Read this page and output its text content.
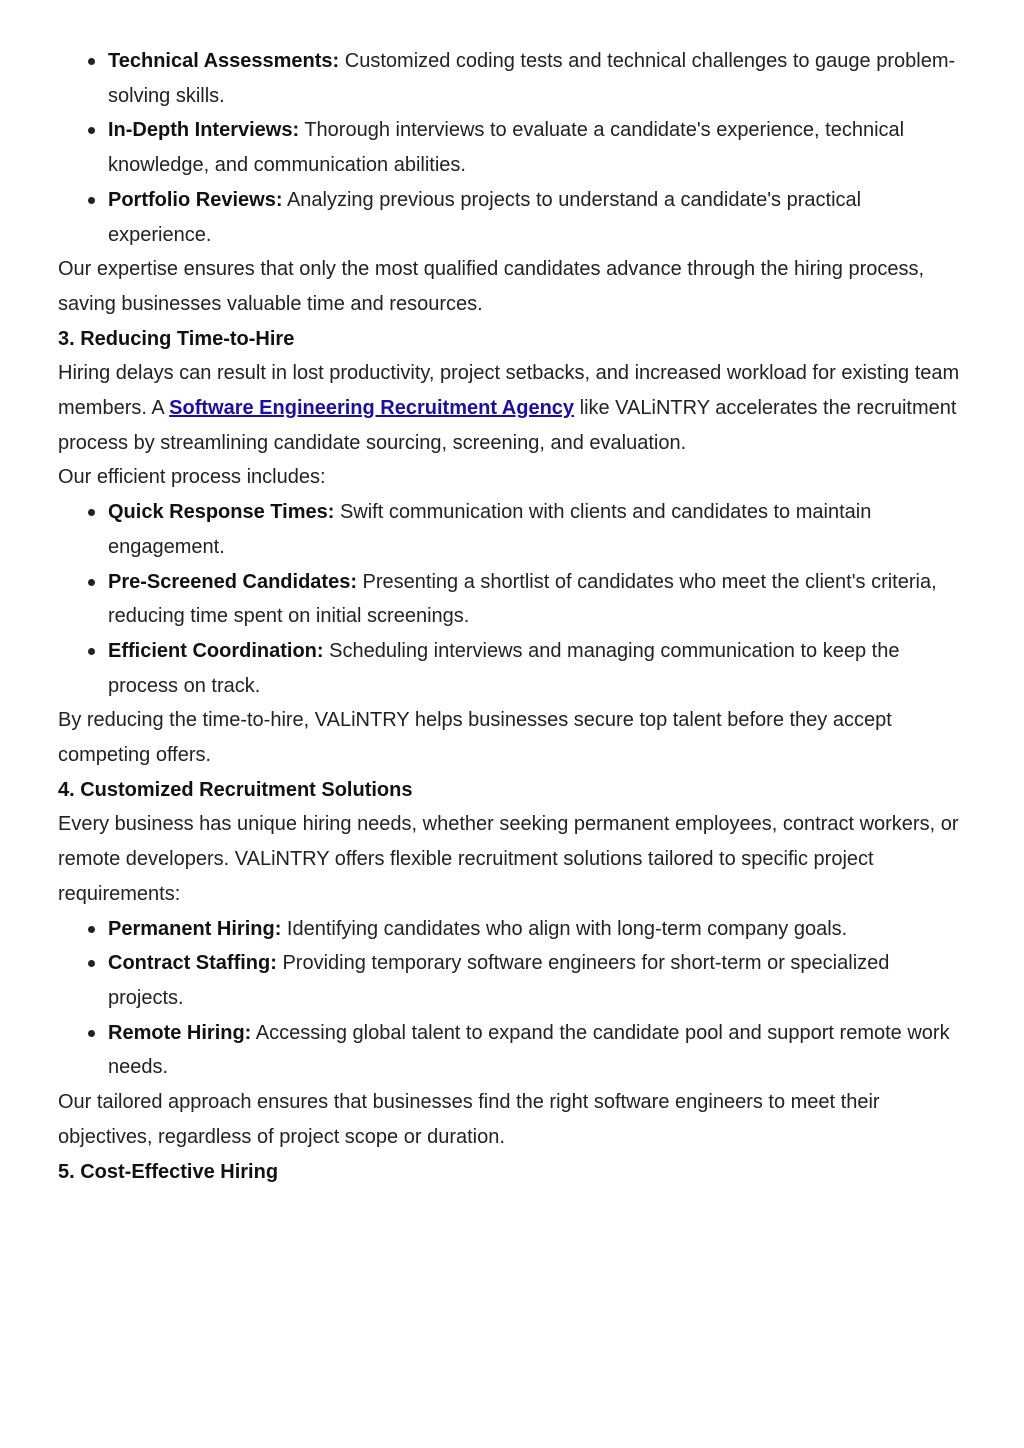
Technical Assessments: Customized coding tests and technical challenges to gauge problem-solving skills.
In-Depth Interviews: Thorough interviews to evaluate a candidate's experience, technical knowledge, and communication abilities.
Portfolio Reviews: Analyzing previous projects to understand a candidate's practical experience.

Our expertise ensures that only the most qualified candidates advance through the hiring process, saving businesses valuable time and resources.

3. Reducing Time-to-Hire

Hiring delays can result in lost productivity, project setbacks, and increased workload for existing team members. A Software Engineering Recruitment Agency like VALiNTRY accelerates the recruitment process by streamlining candidate sourcing, screening, and evaluation.

Our efficient process includes:

Quick Response Times: Swift communication with clients and candidates to maintain engagement.
Pre-Screened Candidates: Presenting a shortlist of candidates who meet the client's criteria, reducing time spent on initial screenings.
Efficient Coordination: Scheduling interviews and managing communication to keep the process on track.

By reducing the time-to-hire, VALiNTRY helps businesses secure top talent before they accept competing offers.

4. Customized Recruitment Solutions

Every business has unique hiring needs, whether seeking permanent employees, contract workers, or remote developers. VALiNTRY offers flexible recruitment solutions tailored to specific project requirements:

Permanent Hiring: Identifying candidates who align with long-term company goals.
Contract Staffing: Providing temporary software engineers for short-term or specialized projects.
Remote Hiring: Accessing global talent to expand the candidate pool and support remote work needs.

Our tailored approach ensures that businesses find the right software engineers to meet their objectives, regardless of project scope or duration.

5. Cost-Effective Hiring
